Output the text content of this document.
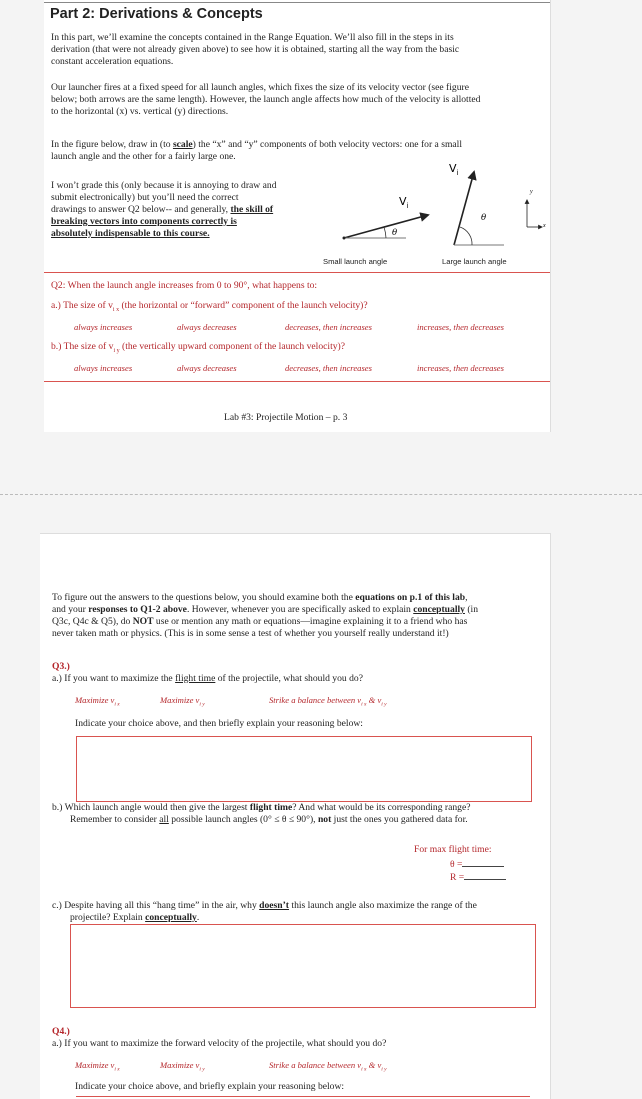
Part 2: Derivations & Concepts
In this part, we’ll examine the concepts contained in the Range Equation. We’ll also fill in the steps in its
derivation (that were not already given above) to see how it is obtained, starting all the way from the basic
constant acceleration equations.
Our launcher fires at a fixed speed for all launch angles, which fixes the size of its velocity vector (see figure
below; both arrows are the same length). However, the launch angle affects how much of the velocity is allotted
to the horizontal (x) vs. vertical (y) directions.
In the figure below, draw in (to scale) the “x” and “y” components of both velocity vectors: one for a small
launch angle and the other for a fairly large one.
I won’t grade this (only because it is annoying to draw and
submit electronically) but you’ll need the correct
drawings to answer Q2 below-- and generally, the skill of
breaking vectors into components correctly is
absolutely indispensable to this course.	θ
$V_i$
θ
$V_i$
y
x
Small launch angle	Large launch angle
Q2: When the launch angle increases from 0 to 90°, what happens to:
a.) The size of $v_{i x}$ (the horizontal or “forward” component of the launch velocity)?
always increases	always decreases	decreases, then increases	increases, then decreases
b.) The size of $v_{i y}$ (the vertically upward component of the launch velocity)?
always increases	always decreases	decreases, then increases	increases, then decreases
Lab #3: Projectile Motion – p. 3
To figure out the answers to the questions below, you should examine both the equations on p.1 of this lab,
and your responses to Q1-2 above. However, whenever you are specifically asked to explain conceptually (in
Q3c, Q4c & Q5), do NOT use or mention any math or equations—imagine explaining it to a friend who has
never taken math or physics. (This is in some sense a test of whether you yourself really understand it!)
Q3.)
a.) If you want to maximize the flight time of the projectile, what should you do?
Maximize $v_{i x}$	Maximize $v_{i y}$	Strike a balance between $v_{i x}$ & $v_{i y}$
Indicate your choice above, and then briefly explain your reasoning below:
b.) Which launch angle would then give the largest flight time? And what would be its corresponding range?
Remember to consider all possible launch angles (0° ≤ θ ≤ 90°), not just the ones you gathered data for.
For max flight time:
θ =
R =
c.) Despite having all this “hang time” in the air, why doesn’t this launch angle also maximize the range of the
projectile? Explain conceptually.
Q4.)
a.) If you want to maximize the forward velocity of the projectile, what should you do?
Maximize $v_{i x}$	Maximize $v_{i y}$	Strike a balance between $v_{i x}$ & $v_{i y}$
Indicate your choice above, and briefly explain your reasoning below:
